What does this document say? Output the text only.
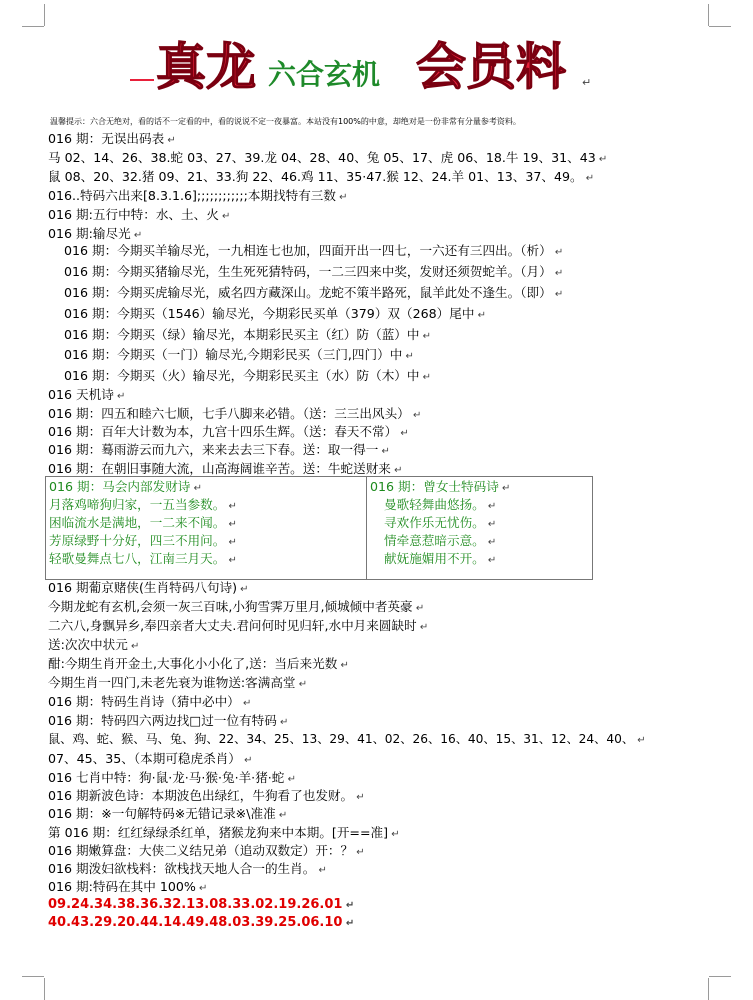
真龙 六合玄机 会员料 ↵
温馨提示：六合无绝对，看的话不一定看的中，看的说说不定一夜暴富。本站没有100%的中意，却绝对是一份非常有分量参考资料。
016 期：无误出码表 ↵
马 02、14、26、38.蛇 03、27、39.龙 04、28、40、兔 05、17、虎 06、18.牛 19、31、43 ↵
鼠 08、20、32.猪 09、21、33.狗 22、46.鸡 11、35·47.猴 12、24.羊 01、13、37、49。 ↵
016..特码六出来[8.3.1.6];;;;;;;;;;;;本期找特有三数 ↵
016 期:五行中特：水、土、火 ↵
016 期:输尽光 ↵
016 期：今期买羊输尽光，一九相连七也加，四面开出一四七，一六还有三四出。（析） ↵
016 期：今期买猪输尽光，生生死死猜特码，一二三四来中奖，发财还须贺蛇羊。（月） ↵
016 期：今期买虎输尽光，威名四方藏深山。龙蛇不策半路死，鼠羊此处不逢生。（即） ↵
016 期：今期买（1546）输尽光，今期彩民买单（379）双（268）尾中 ↵
016 期：今期买（绿）输尽光，本期彩民买主（红）防（蓝）中 ↵
016 期：今期买（一门）输尽光,今期彩民买（三门,四门）中 ↵
016 期：今期买（火）输尽光，今期彩民买主（水）防（木）中 ↵
016 天机诗 ↵
016 期：四五和睦六七顺，七手八脚来必错。（送：三三出风头） ↵
016 期：百年大计数为本，九宫十四乐生辉。（送：春天不常） ↵
016 期：蓦雨游云而九六，来来去去三下春。送：取一得一 ↵
016 期：在朝旧事随大流，山高海阔谁辛苦。送：牛蛇送财来 ↵
016 期：马会内部发财诗 ↵
月落鸡啼狗归家，一五当参数。 ↵
困临流水是满地，一二来不闻。 ↵
芳原绿野十分好，四三不用问。 ↵
轻歌曼舞点七八，江南三月天。 ↵
016 期：曾女士特码诗 ↵
曼歌轻舞曲悠扬。 ↵
寻欢作乐无忧伤。 ↵
情牵意惹暗示意。 ↵
献妩施媚用不开。 ↵
016 期葡京赌侠(生肖特码八句诗) ↵
今期龙蛇有玄机,会须一灰三百味,小狗雪霁万里月,倾城倾中者英豪 ↵
二六八,身飘异乡,奉四亲者大丈夫.君问何时见归轩,水中月来圆缺时 ↵
送:次次中状元 ↵
酣:今期生肖开金土,大事化小小化了,送：当后来光数 ↵
今期生肖一四门,未老先衰为谁物送:客满高堂 ↵
016 期：特码生肖诗（猜中必中） ↵
016 期：特码四六两边找□过一位有特码 ↵
鼠、鸡、蛇、猴、马、兔、狗、22、34、25、13、29、41、02、26、16、40、15、31、12、24、40、 ↵
07、45、35、（本期可稳虎杀肖） ↵
016 七肖中特：狗·鼠·龙·马·猴·兔·羊·猪·蛇 ↵
016 期新波色诗：本期波色出绿红，牛狗看了也发财。 ↵
016 期：※一句解特码※无错记录※\准准 ↵
第 016 期：红红绿绿杀红单，猪猴龙狗来中本期。[开==准] ↵
016 期嫩算盘：大侠二义结兄弟（追动双数定）开：？ ↵
016 期泼妇欲栈料：欲栈找天地人合一的生肖。 ↵
016 期:特码在其中 100% ↵
09.24.34.38.36.32.13.08.33.02.19.26.01 ↵
40.43.29.20.44.14.49.48.03.39.25.06.10 ↵
